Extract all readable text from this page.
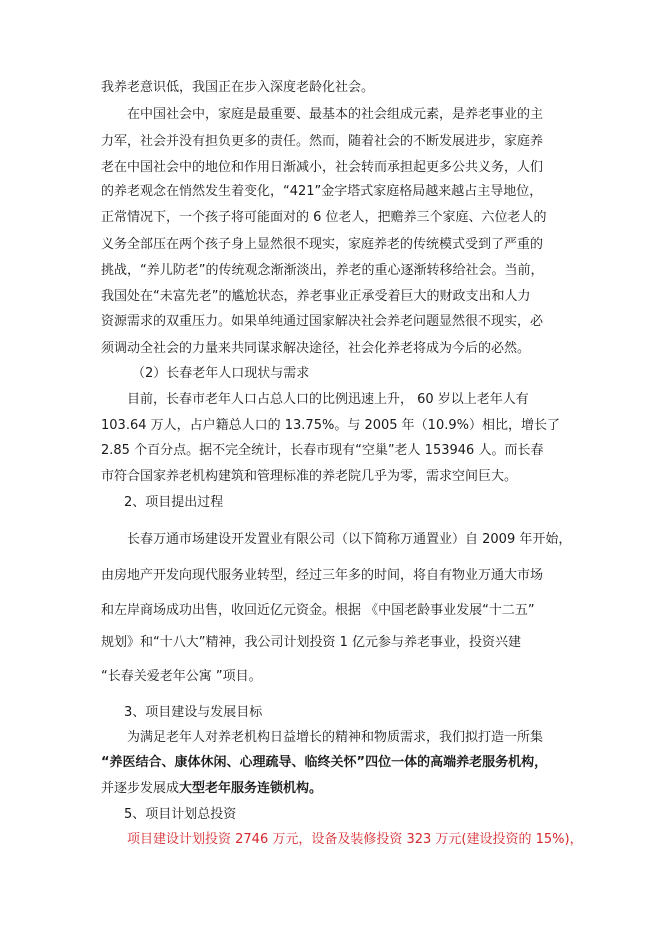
我养老意识低，我国正在步入深度老龄化社会。
在中国社会中，家庭是最重要、最基本的社会组成元素，是养老事业的主
力军，社会并没有担负更多的责任。然而，随着社会的不断发展进步，家庭养
老在中国社会中的地位和作用日渐减小，社会转而承担起更多公共义务，人们
的养老观念在悄然发生着变化，“421”金字塔式家庭格局越来越占主导地位，
正常情况下，一个孩子将可能面对的 6 位老人，把赡养三个家庭、六位老人的
义务全部压在两个孩子身上显然很不现实，家庭养老的传统模式受到了严重的
挑战，“养儿防老”的传统观念渐渐淡出，养老的重心逐渐转移给社会。当前，
我国处在“未富先老”的尴尬状态，养老事业正承受着巨大的财政支出和人力
资源需求的双重压力。如果单纯通过国家解决社会养老问题显然很不现实，必
须调动全社会的力量来共同谋求解决途径，社会化养老将成为今后的必然。
（2）长春老年人口现状与需求
目前，长春市老年人口占总人口的比例迅速上升， 60 岁以上老年人有
103.64 万人，占户籍总人口的 13.75%。与 2005 年（10.9%）相比，增长了
2.85 个百分点。据不完全统计，长春市现有“空巢”老人 153946 人。而长春
市符合国家养老机构建筑和管理标准的养老院几乎为零，需求空间巨大。
2、项目提出过程
长春万通市场建设开发置业有限公司（以下简称万通置业）自 2009 年开始，
由房地产开发向现代服务业转型，经过三年多的时间，将自有物业万通大市场
和左岸商场成功出售，收回近亿元资金。根据 《中国老龄事业发展“十二五”
规划》和“十八大”精神，我公司计划投资 1 亿元参与养老事业，投资兴建
“长春关爱老年公寓 ”项目。
3、项目建设与发展目标
为满足老年人对养老机构日益增长的精神和物质需求，我们拟打造一所集
“养医结合、康体休闲、心理疏导、临终关怀”四位一体的高端养老服务机构，
并逐步发展成大型老年服务连锁机构。
5、项目计划总投资
项目建设计划投资 2746 万元，设备及装修投资 323 万元(建设投资的 15%)，
